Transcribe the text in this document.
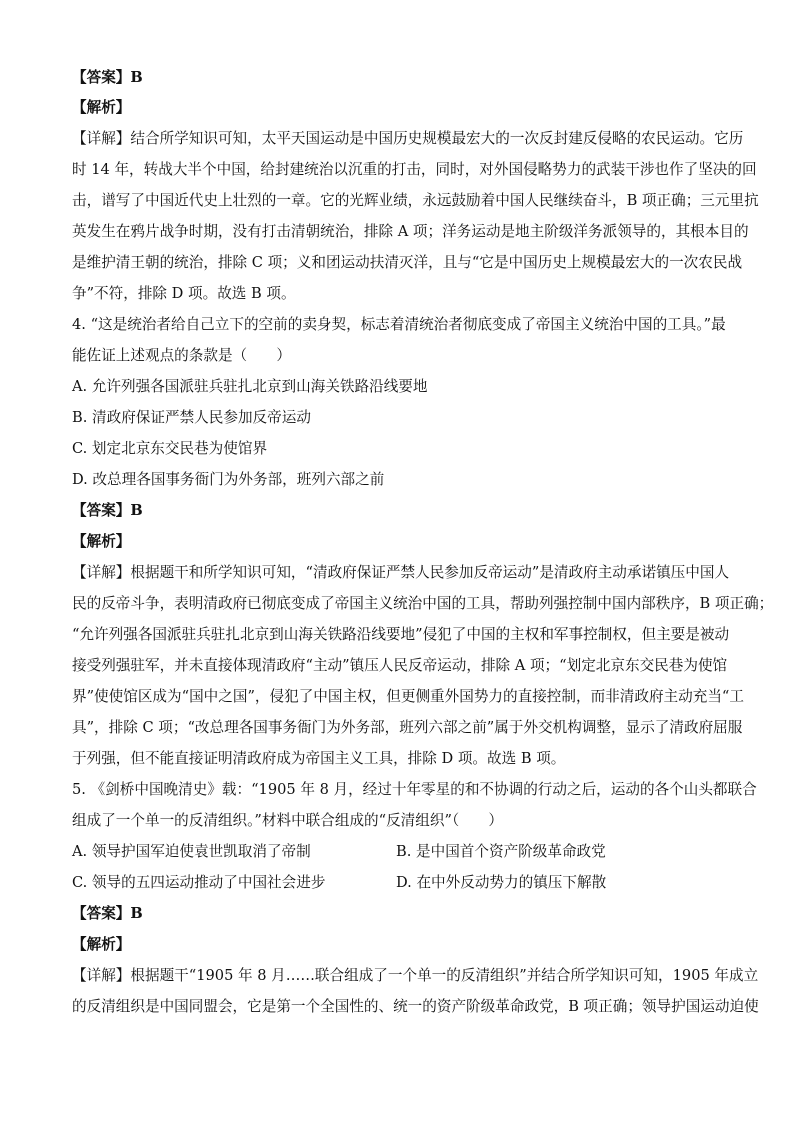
【答案】B
【解析】
【详解】结合所学知识可知，太平天国运动是中国历史规模最宏大的一次反封建反侵略的农民运动。它历
时 14 年，转战大半个中国，给封建统治以沉重的打击，同时，对外国侵略势力的武装干涉也作了坚决的回
击，谱写了中国近代史上壮烈的一章。它的光辉业绩，永远鼓励着中国人民继续奋斗，B 项正确；三元里抗
英发生在鸦片战争时期，没有打击清朝统治，排除 A 项；洋务运动是地主阶级洋务派领导的，其根本目的
是维护清王朝的统治，排除 C 项；义和团运动扶清灭洋，且与“它是中国历史上规模最宏大的一次农民战
争”不符，排除 D 项。故选 B 项。
4. “这是统治者给自己立下的空前的卖身契，标志着清统治者彻底变成了帝国主义统治中国的工具。”最
能佐证上述观点的条款是（　　）
A. 允许列强各国派驻兵驻扎北京到山海关铁路沿线要地
B. 清政府保证严禁人民参加反帝运动
C. 划定北京东交民巷为使馆界
D. 改总理各国事务衙门为外务部，班列六部之前
【答案】B
【解析】
【详解】根据题干和所学知识可知，“清政府保证严禁人民参加反帝运动”是清政府主动承诺镇压中国人
民的反帝斗争，表明清政府已彻底变成了帝国主义统治中国的工具，帮助列强控制中国内部秩序，B 项正确；
“允许列强各国派驻兵驻扎北京到山海关铁路沿线要地”侵犯了中国的主权和军事控制权，但主要是被动
接受列强驻军，并未直接体现清政府“主动”镇压人民反帝运动，排除 A 项；“划定北京东交民巷为使馆
界”使使馆区成为“国中之国”，侵犯了中国主权，但更侧重外国势力的直接控制，而非清政府主动充当“工
具”，排除 C 项；“改总理各国事务衙门为外务部，班列六部之前”属于外交机构调整，显示了清政府屈服
于列强，但不能直接证明清政府成为帝国主义工具，排除 D 项。故选 B 项。
5. 《剑桥中国晚清史》载：“1905 年 8 月，经过十年零星的和不协调的行动之后，运动的各个山头都联合
组成了一个单一的反清组织。”材料中联合组成的“反清组织”（　　）
A. 领导护国军迫使袁世凯取消了帝制	B. 是中国首个资产阶级革命政党
C. 领导的五四运动推动了中国社会进步	D. 在中外反动势力的镇压下解散
【答案】B
【解析】
【详解】根据题干“1905 年 8 月……联合组成了一个单一的反清组织”并结合所学知识可知，1905 年成立
的反清组织是中国同盟会，它是第一个全国性的、统一的资产阶级革命政党，B 项正确；领导护国运动迫使
